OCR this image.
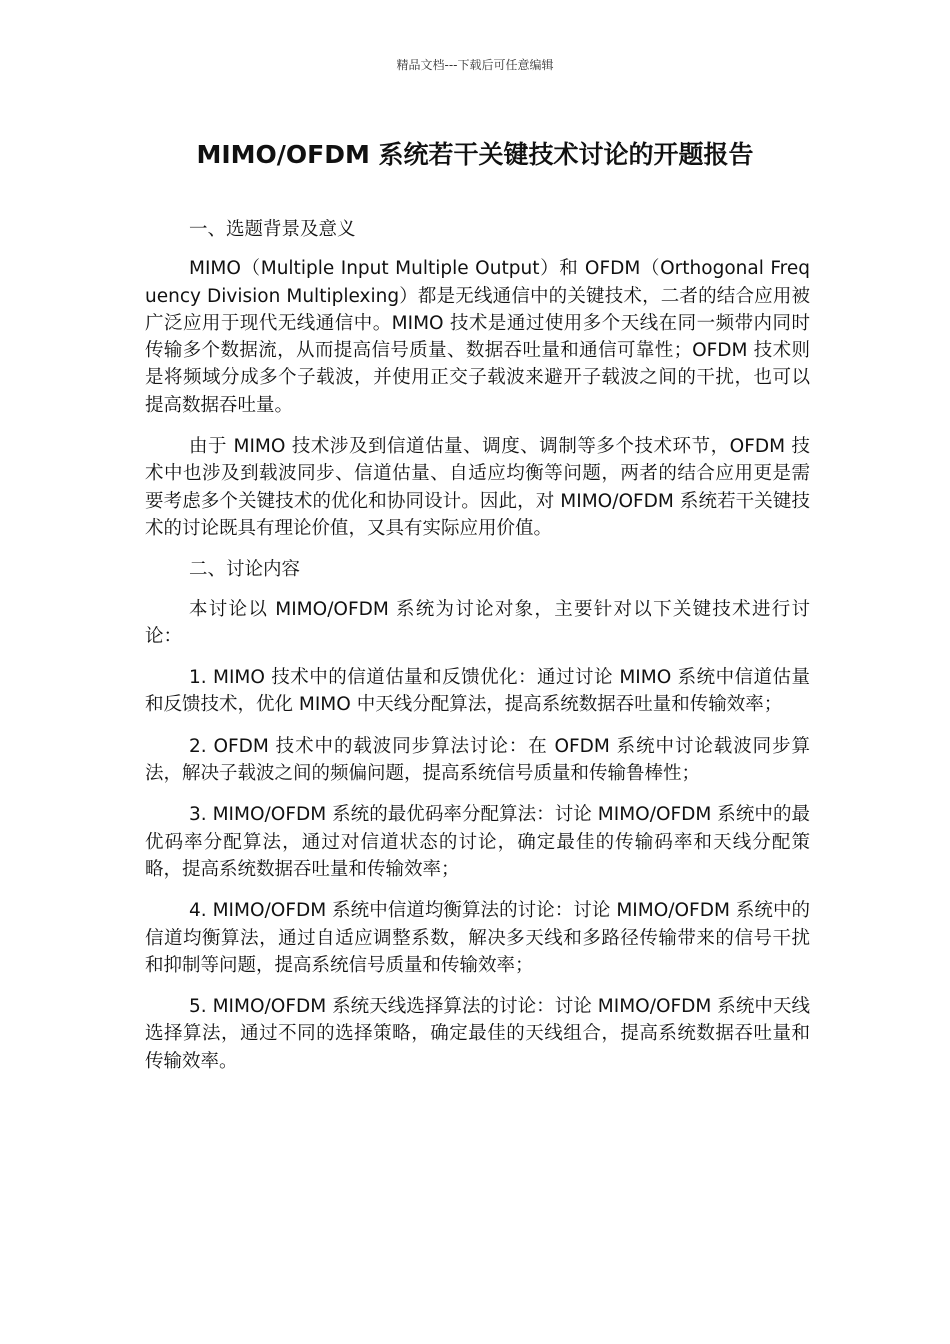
精品文档---下载后可任意编辑
MIMO/OFDM 系统若干关键技术讨论的开题报告

一、选题背景及意义

MIMO（Multiple Input Multiple Output）和 OFDM（Orthogonal Frequency Division Multiplexing）都是无线通信中的关键技术，二者的结合应用被广泛应用于现代无线通信中。MIMO 技术是通过使用多个天线在同一频带内同时传输多个数据流，从而提高信号质量、数据吞吐量和通信可靠性；OFDM 技术则是将频域分成多个子载波，并使用正交子载波来避开子载波之间的干扰，也可以提高数据吞吐量。

由于 MIMO 技术涉及到信道估量、调度、调制等多个技术环节，OFDM 技术中也涉及到载波同步、信道估量、自适应均衡等问题，两者的结合应用更是需要考虑多个关键技术的优化和协同设计。因此，对 MIMO/OFDM 系统若干关键技术的讨论既具有理论价值，又具有实际应用价值。

二、讨论内容

本讨论以 MIMO/OFDM 系统为讨论对象，主要针对以下关键技术进行讨论：

1. MIMO 技术中的信道估量和反馈优化：通过讨论 MIMO 系统中信道估量和反馈技术，优化 MIMO 中天线分配算法，提高系统数据吞吐量和传输效率；

2. OFDM 技术中的载波同步算法讨论：在 OFDM 系统中讨论载波同步算法，解决子载波之间的频偏问题，提高系统信号质量和传输鲁棒性；

3. MIMO/OFDM 系统的最优码率分配算法：讨论 MIMO/OFDM 系统中的最优码率分配算法，通过对信道状态的讨论，确定最佳的传输码率和天线分配策略，提高系统数据吞吐量和传输效率；

4. MIMO/OFDM 系统中信道均衡算法的讨论：讨论 MIMO/OFDM 系统中的信道均衡算法，通过自适应调整系数，解决多天线和多路径传输带来的信号干扰和抑制等问题，提高系统信号质量和传输效率；

5. MIMO/OFDM 系统天线选择算法的讨论：讨论 MIMO/OFDM 系统中天线选择算法，通过不同的选择策略，确定最佳的天线组合，提高系统数据吞吐量和传输效率。
